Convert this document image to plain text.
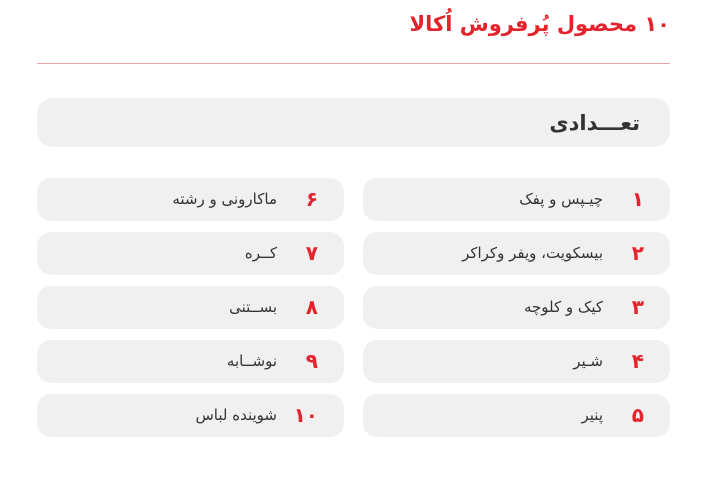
۱۰ محصول پُرفروش اُکالا
تعـــدادی
۱
چیـپس و پفک
۲
بیسکویت، ویفر وکراکر
۳
کیک و کلوچه
۴
شـیر
۵
پنیر
۶
ماکارونی و رشته
۷
کــره
۸
بســتنی
۹
نوشــابه
۱۰
شوینده لباس
